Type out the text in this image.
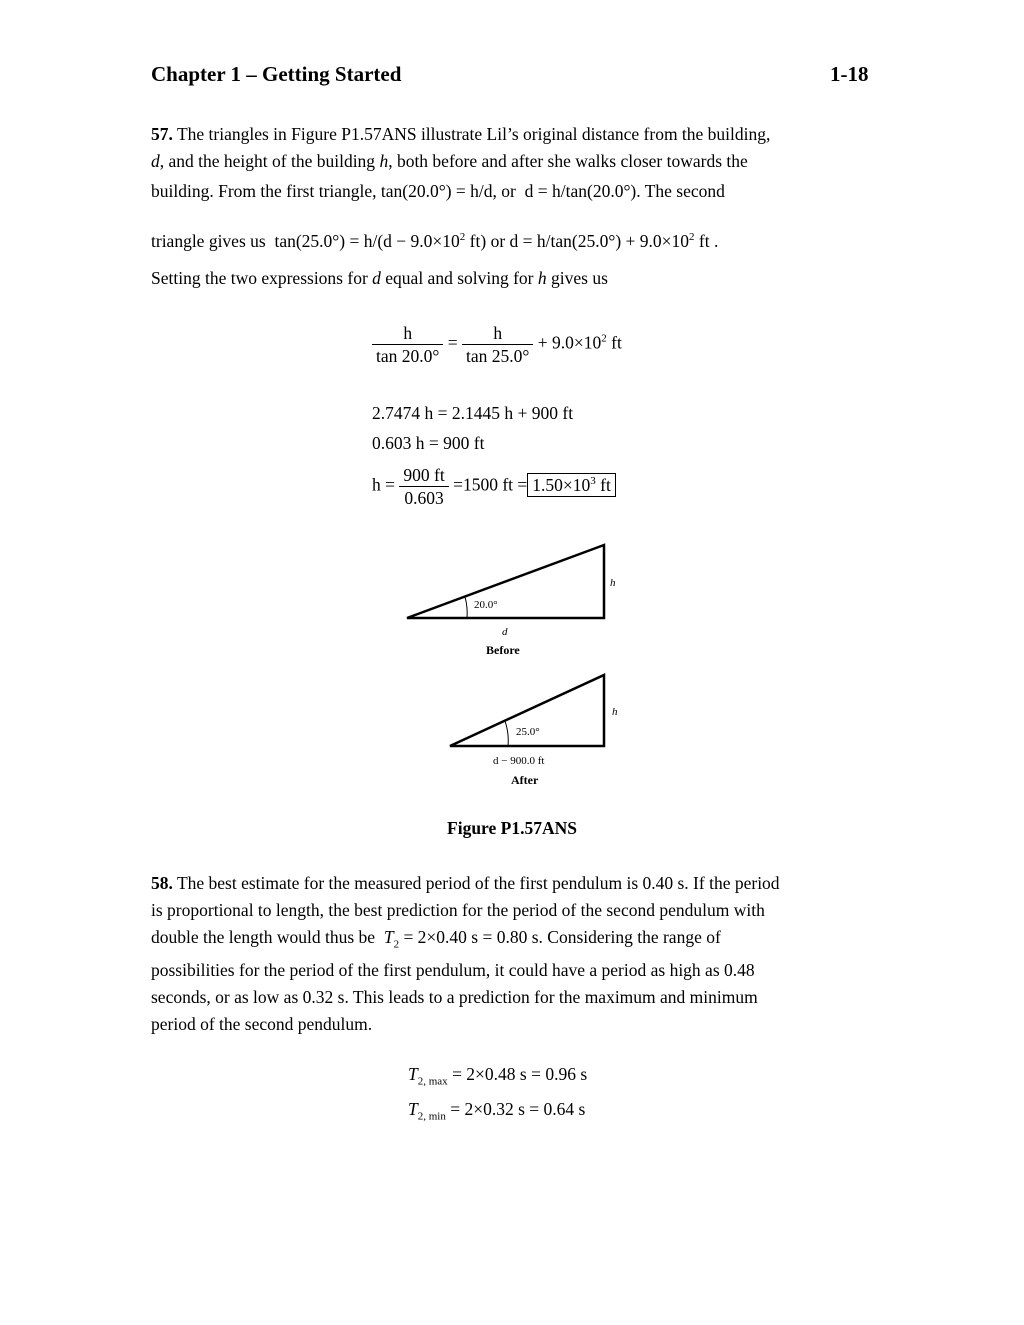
Chapter 1 – Getting Started	1-18
57. The triangles in Figure P1.57ANS illustrate Lil’s original distance from the building,
d, and the height of the building h, both before and after she walks closer towards the
building. From the first triangle, tan(20.0°) = h/d, or d = h/tan(20.0°). The second
triangle gives us $\tan(25.0^\circ) = h/(d - 9.0\times 10^2$ ft) or $d = h/\tan(25.0^\circ) + 9.0\times 10^2$ ft .
Setting the two expressions for d equal and solving for h gives us
$\frac{h}{\tan 20.0^\circ} = \frac{h}{\tan 25.0^\circ} + 9.0\times 10^2$ ft
2.7474 h = 2.1445 h + 900 ft
0.603 h = 900 ft
$h = \frac{900 ft}{0.603} =1500$ ft = $1.50\times 10^3$ ft
20.0°
h
d
Before
25.0°
h
d − 900.0 ft
After
Figure P1.57ANS
58. The best estimate for the measured period of the first pendulum is 0.40 s. If the period
is proportional to length, the best prediction for the period of the second pendulum with
double the length would thus be $T_2 = 2\times 0.40$ s = 0.80 s. Considering the range of
possibilities for the period of the first pendulum, it could have a period as high as 0.48
seconds, or as low as 0.32 s. This leads to a prediction for the maximum and minimum
period of the second pendulum.
$T_{2, max} = 2\times 0.48$ s = 0.96 s
$T_{2, min} = 2\times 0.32$ s = 0.64 s
